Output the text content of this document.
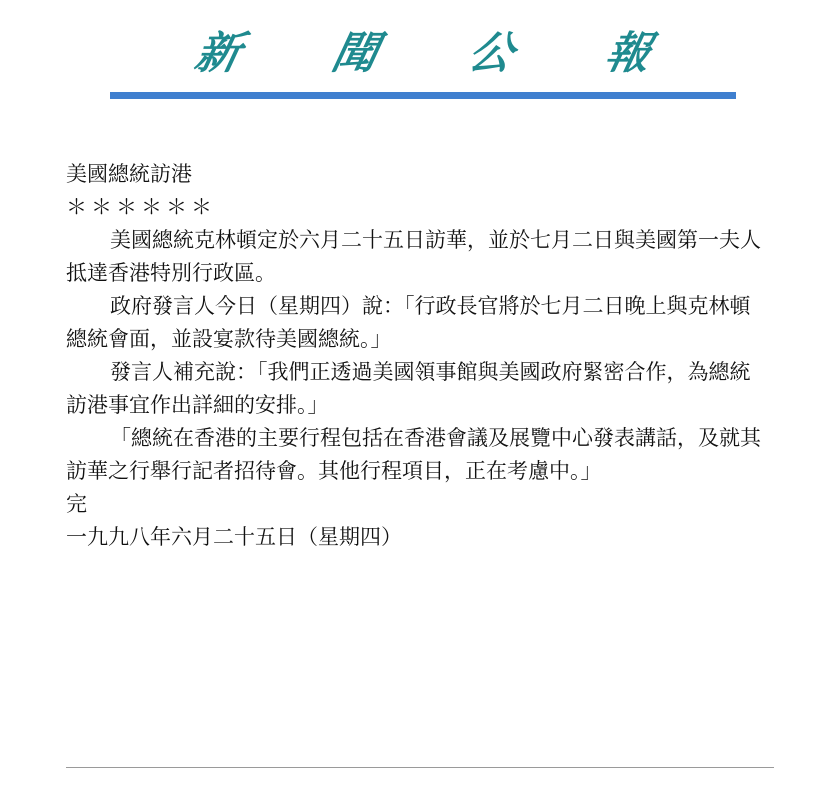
新 聞 公 報

美國總統訪港

＊＊＊＊＊＊

美國總統克林頓定於六月二十五日訪華，並於七月二日與美國第一夫人抵達香港特別行政區。

政府發言人今日（星期四）說：「行政長官將於七月二日晚上與克林頓總統會面，並設宴款待美國總統。」

發言人補充說：「我們正透過美國領事館與美國政府緊密合作，為總統訪港事宜作出詳細的安排。」

「總統在香港的主要行程包括在香港會議及展覽中心發表講話，及就其訪華之行舉行記者招待會。其他行程項目，正在考慮中。」

完

一九九八年六月二十五日（星期四）
